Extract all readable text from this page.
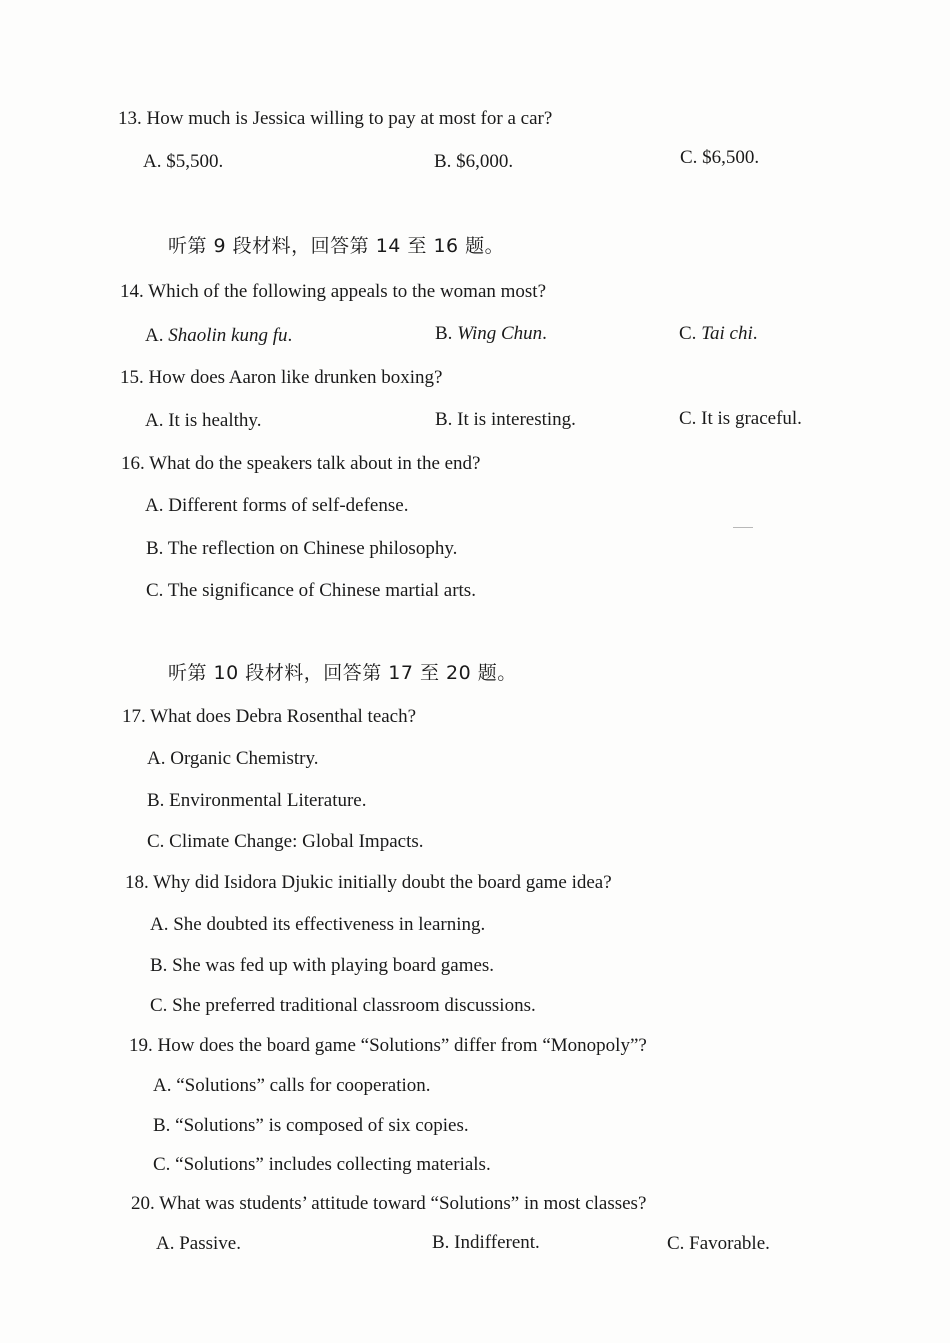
13. How much is Jessica willing to pay at most for a car?
A. $5,500.	B. $6,000.	C. $6,500.
听第 9 段材料，回答第 14 至 16 题。
14. Which of the following appeals to the woman most?
A. Shaolin kung fu.	B. Wing Chun.	C. Tai chi.
15. How does Aaron like drunken boxing?
A. It is healthy.	B. It is interesting.	C. It is graceful.
16. What do the speakers talk about in the end?
A. Different forms of self-defense.
B. The reflection on Chinese philosophy.
C. The significance of Chinese martial arts.
听第 10 段材料，回答第 17 至 20 题。
17. What does Debra Rosenthal teach?
A. Organic Chemistry.
B. Environmental Literature.
C. Climate Change: Global Impacts.
18. Why did Isidora Djukic initially doubt the board game idea?
A. She doubted its effectiveness in learning.
B. She was fed up with playing board games.
C. She preferred traditional classroom discussions.
19. How does the board game “Solutions” differ from “Monopoly”?
A. “Solutions” calls for cooperation.
B. “Solutions” is composed of six copies.
C. “Solutions” includes collecting materials.
20. What was students’ attitude toward “Solutions” in most classes?
A. Passive.	B. Indifferent.	C. Favorable.
